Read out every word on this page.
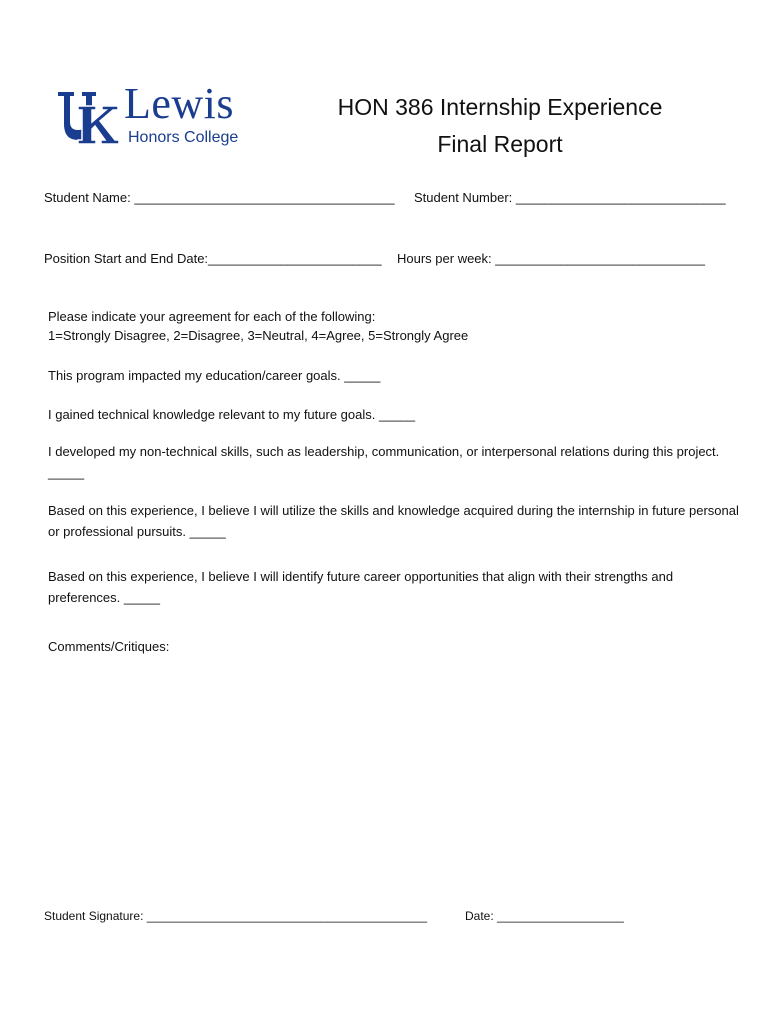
Lewis
Honors College
HON 386 Internship Experience
Final Report
Student Name: ____________________________________ Student Number: _____________________________
Position Start and End Date:________________________ Hours per week: _____________________________
Please indicate your agreement for each of the following:
1=Strongly Disagree, 2=Disagree, 3=Neutral, 4=Agree, 5=Strongly Agree
This program impacted my education/career goals. _____
I gained technical knowledge relevant to my future goals. _____
I developed my non-technical skills, such as leadership, communication, or interpersonal relations during this project. _____
Based on this experience, I believe I will utilize the skills and knowledge acquired during the internship in future personal or professional pursuits. _____
Based on this experience, I believe I will identify future career opportunities that align with their strengths and preferences. _____
Comments/Critiques:
Student Signature: __________________________________________	Date: ___________________
